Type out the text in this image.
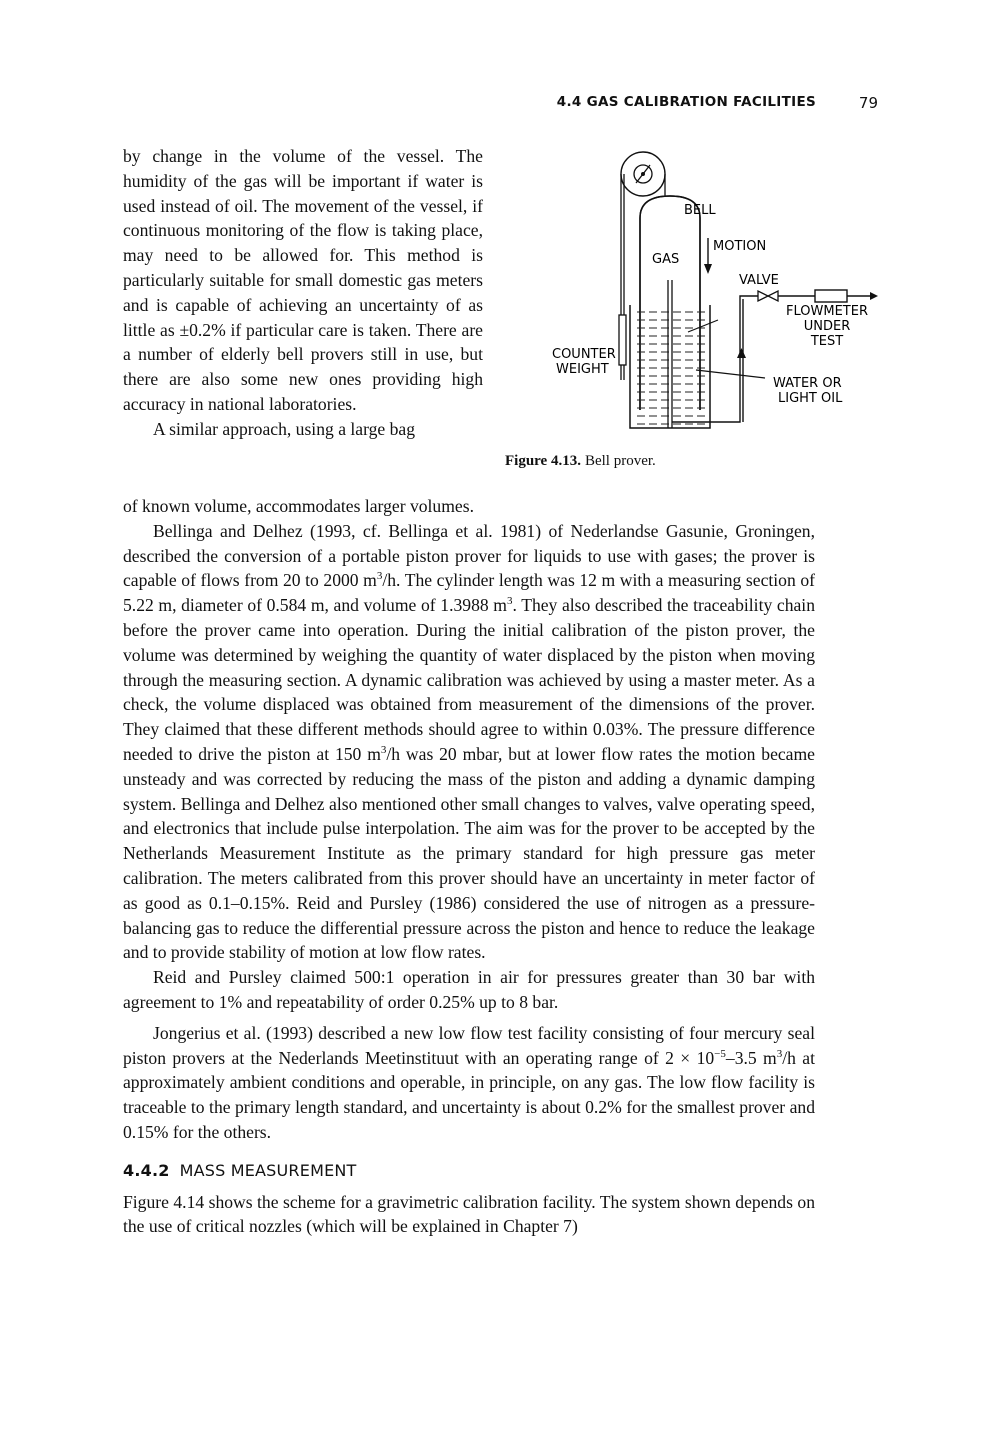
4.4 GAS CALIBRATION FACILITIES	79

by change in the volume of the vessel. The humidity of the gas will be important if water is used instead of oil. The movement of the vessel, if continuous monitoring of the flow is taking place, may need to be allowed for. This method is particularly suitable for small domestic gas meters and is capable of achieving an uncertainty of as little as ±0.2% if particular care is taken. There are a number of elderly bell provers still in use, but there are also some new ones providing high accuracy in national laboratories.

A similar approach, using a large bag

BELL
GAS
MOTION
VALVE
FLOWMETER
UNDER
TEST
COUNTER
WEIGHT
WATER OR
LIGHT OIL
Figure 4.13. Bell prover.

of known volume, accommodates larger volumes.

Bellinga and Delhez (1993, cf. Bellinga et al. 1981) of Nederlandse Gasunie, Groningen, described the conversion of a portable piston prover for liquids to use with gases; the prover is capable of flows from 20 to 2000 $m^3/h$. The cylinder length was 12 m with a measuring section of 5.22 m, diameter of 0.584 m, and volume of 1.3988 $m^3$. They also described the traceability chain before the prover came into operation. During the initial calibration of the piston prover, the volume was determined by weighing the quantity of water displaced by the piston when moving through the measuring section. A dynamic calibration was achieved by using a master meter. As a check, the volume displaced was obtained from measurement of the dimensions of the prover. They claimed that these different methods should agree to within 0.03%. The pressure difference needed to drive the piston at 150 $m^3/h$ was 20 mbar, but at lower flow rates the motion became unsteady and was corrected by reducing the mass of the piston and adding a dynamic damping system. Bellinga and Delhez also mentioned other small changes to valves, valve operating speed, and electronics that include pulse interpolation. The aim was for the prover to be accepted by the Netherlands Measurement Institute as the primary standard for high pressure gas meter calibration. The meters calibrated from this prover should have an uncertainty in meter factor of as good as 0.1–0.15%. Reid and Pursley (1986) considered the use of nitrogen as a pressure-balancing gas to reduce the differential pressure across the piston and hence to reduce the leakage and to provide stability of motion at low flow rates.

Reid and Pursley claimed 500:1 operation in air for pressures greater than 30 bar with agreement to 1% and repeatability of order 0.25% up to 8 bar.

Jongerius et al. (1993) described a new low flow test facility consisting of four mercury seal piston provers at the Nederlands Meetinstituut with an operating range of $2 \times 10^{-5}-3.5$ $m^3/h$ at approximately ambient conditions and operable, in principle, on any gas. The low flow facility is traceable to the primary length standard, and uncertainty is about 0.2% for the smallest prover and 0.15% for the others.

4.4.2 MASS MEASUREMENT

Figure 4.14 shows the scheme for a gravimetric calibration facility. The system shown depends on the use of critical nozzles (which will be explained in Chapter 7)
